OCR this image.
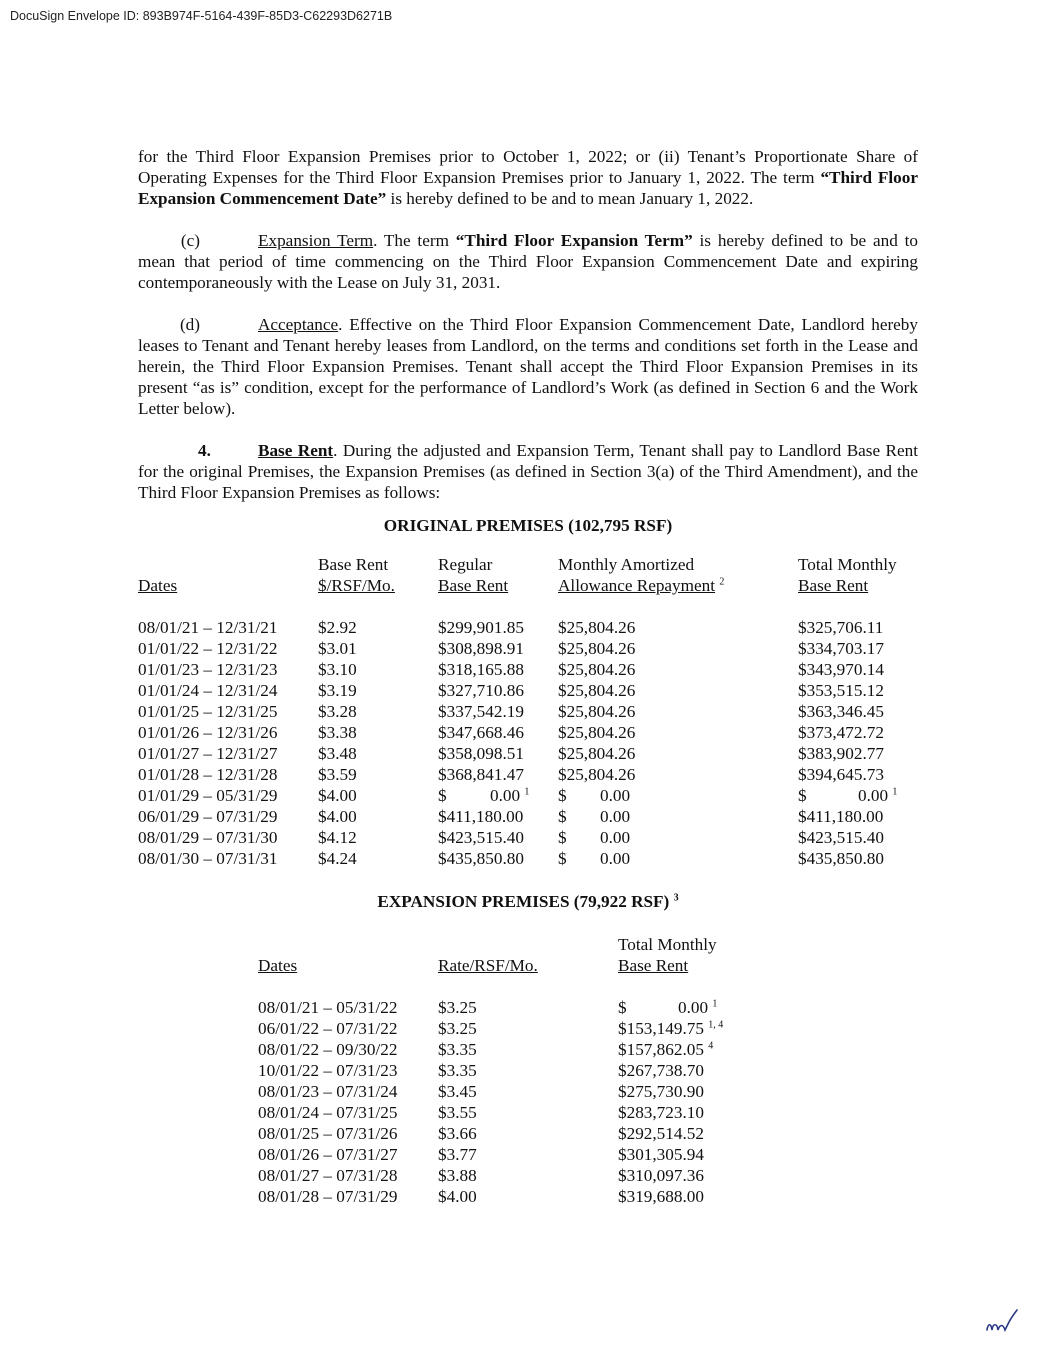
DocuSign Envelope ID: 893B974F-5164-439F-85D3-C62293D6271B

for the Third Floor Expansion Premises prior to October 1, 2022; or (ii) Tenant’s Proportionate Share of Operating Expenses for the Third Floor Expansion Premises prior to January 1, 2022. The term “Third Floor Expansion Commencement Date” is hereby defined to be and to mean January 1, 2022.

(c)	Expansion Term. The term “Third Floor Expansion Term” is hereby defined to be and to mean that period of time commencing on the Third Floor Expansion Commencement Date and expiring contemporaneously with the Lease on July 31, 2031.

(d)	Acceptance. Effective on the Third Floor Expansion Commencement Date, Landlord hereby leases to Tenant and Tenant hereby leases from Landlord, on the terms and conditions set forth in the Lease and herein, the Third Floor Expansion Premises. Tenant shall accept the Third Floor Expansion Premises in its present “as is” condition, except for the performance of Landlord’s Work (as defined in Section 6 and the Work Letter below).

4.	Base Rent. During the adjusted and Expansion Term, Tenant shall pay to Landlord Base Rent for the original Premises, the Expansion Premises (as defined in Section 3(a) of the Third Amendment), and the Third Floor Expansion Premises as follows:

ORIGINAL PREMISES (102,795 RSF)
	Base Rent	Regular	Monthly Amortized	Total Monthly
Dates	$/RSF/Mo.	Base Rent	Allowance Repayment $^2$	Base Rent

08/01/21 – 12/31/21	$2.92	$299,901.85	$25,804.26	$325,706.11
01/01/22 – 12/31/22	$3.01	$308,898.91	$25,804.26	$334,703.17
01/01/23 – 12/31/23	$3.10	$318,165.88	$25,804.26	$343,970.14
01/01/24 – 12/31/24	$3.19	$327,710.86	$25,804.26	$353,515.12
01/01/25 – 12/31/25	$3.28	$337,542.19	$25,804.26	$363,346.45
01/01/26 – 12/31/26	$3.38	$347,668.46	$25,804.26	$373,472.72
01/01/27 – 12/31/27	$3.48	$358,098.51	$25,804.26	$383,902.77
01/01/28 – 12/31/28	$3.59	$368,841.47	$25,804.26	$394,645.73
01/01/29 – 05/31/29	$4.00	$ 0.00 $^1$	$ 0.00	$ 0.00 $^1$
06/01/29 – 07/31/29	$4.00	$411,180.00	$ 0.00	$411,180.00
08/01/29 – 07/31/30	$4.12	$423,515.40	$ 0.00	$423,515.40
08/01/30 – 07/31/31	$4.24	$435,850.80	$ 0.00	$435,850.80
EXPANSION PREMISES (79,922 RSF) $^3$
		Total Monthly
Dates	Rate/RSF/Mo.	Base Rent

08/01/21 – 05/31/22	$3.25	$ 0.00 $^1$
06/01/22 – 07/31/22	$3.25	$153,149.75 $^{1, 4}$
08/01/22 – 09/30/22	$3.35	$157,862.05 $^4$
10/01/22 – 07/31/23	$3.35	$267,738.70
08/01/23 – 07/31/24	$3.45	$275,730.90
08/01/24 – 07/31/25	$3.55	$283,723.10
08/01/25 – 07/31/26	$3.66	$292,514.52
08/01/26 – 07/31/27	$3.77	$301,305.94
08/01/27 – 07/31/28	$3.88	$310,097.36
08/01/28 – 07/31/29	$4.00	$319,688.00
